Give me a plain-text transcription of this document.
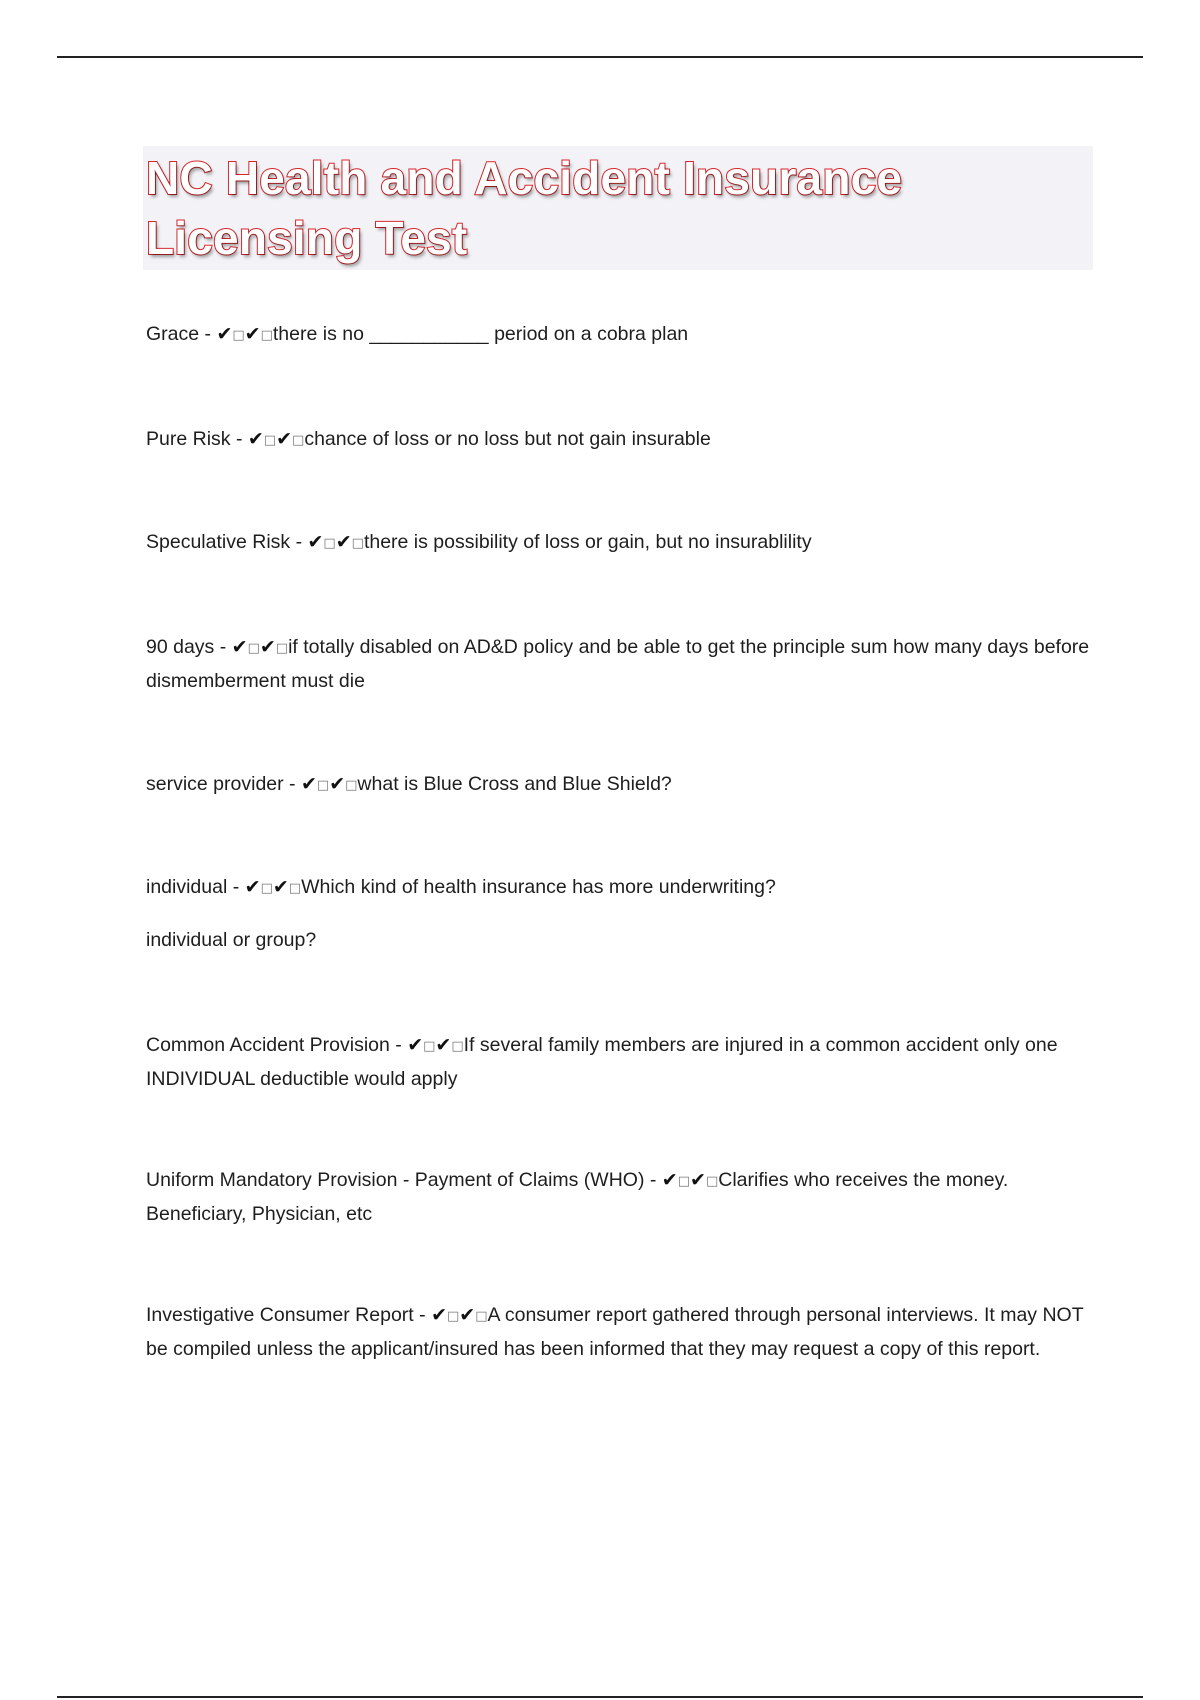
NC Health and Accident Insurance
Licensing Test

Grace - ✔□✔□there is no ___________ period on a cobra plan

Pure Risk - ✔□✔□chance of loss or no loss but not gain insurable

Speculative Risk - ✔□✔□there is possibility of loss or gain, but no insurablility

90 days - ✔□✔□if totally disabled on AD&D policy and be able to get the principle sum how many days before dismemberment must die

service provider - ✔□✔□what is Blue Cross and Blue Shield?

individual - ✔□✔□Which kind of health insurance has more underwriting?

individual or group?

Common Accident Provision - ✔□✔□If several family members are injured in a common accident only one INDIVIDUAL deductible would apply

Uniform Mandatory Provision - Payment of Claims (WHO) - ✔□✔□Clarifies who receives the money. Beneficiary, Physician, etc

Investigative Consumer Report - ✔□✔□A consumer report gathered through personal interviews. It may NOT be compiled unless the applicant/insured has been informed that they may request a copy of this report.
